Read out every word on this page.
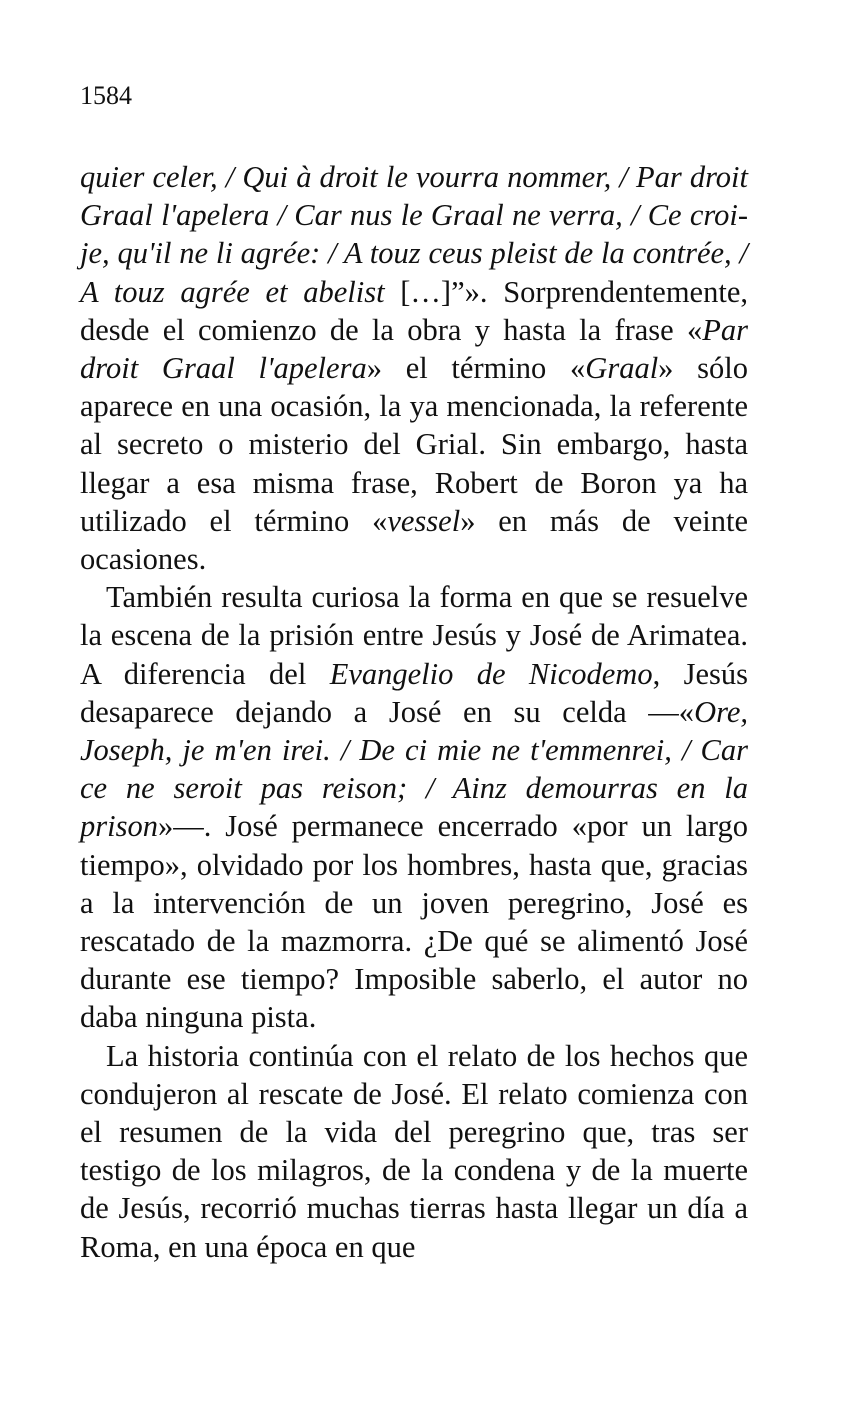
1584

quier celer, / Qui à droit le vourra nommer, / Par droit Graal l'apelera / Car nus le Graal ne verra, / Ce croi-je, qu'il ne li agrée: / A touz ceus pleist de la contrée, / A touz agrée et abelist […]”». Sorprendentemente, desde el comienzo de la obra y hasta la frase «Par droit Graal l'apelera» el término «Graal» sólo aparece en una ocasión, la ya mencionada, la referente al secreto o misterio del Grial. Sin embargo, hasta llegar a esa misma frase, Robert de Boron ya ha utilizado el término «vessel» en más de veinte ocasiones.

También resulta curiosa la forma en que se resuelve la escena de la prisión entre Jesús y José de Arimatea. A diferencia del Evangelio de Nicodemo, Jesús desaparece dejando a José en su celda —«Ore, Joseph, je m'en irei. / De ci mie ne t'emmenrei, / Car ce ne seroit pas reison; / Ainz demourras en la prison»—. José permanece encerrado «por un largo tiempo», olvidado por los hombres, hasta que, gracias a la intervención de un joven peregrino, José es rescatado de la mazmorra. ¿De qué se alimentó José durante ese tiempo? Imposible saberlo, el autor no daba ninguna pista.

La historia continúa con el relato de los hechos que condujeron al rescate de José. El relato comienza con el resumen de la vida del peregrino que, tras ser testigo de los milagros, de la condena y de la muerte de Jesús, recorrió muchas tierras hasta llegar un día a Roma, en una época en que
